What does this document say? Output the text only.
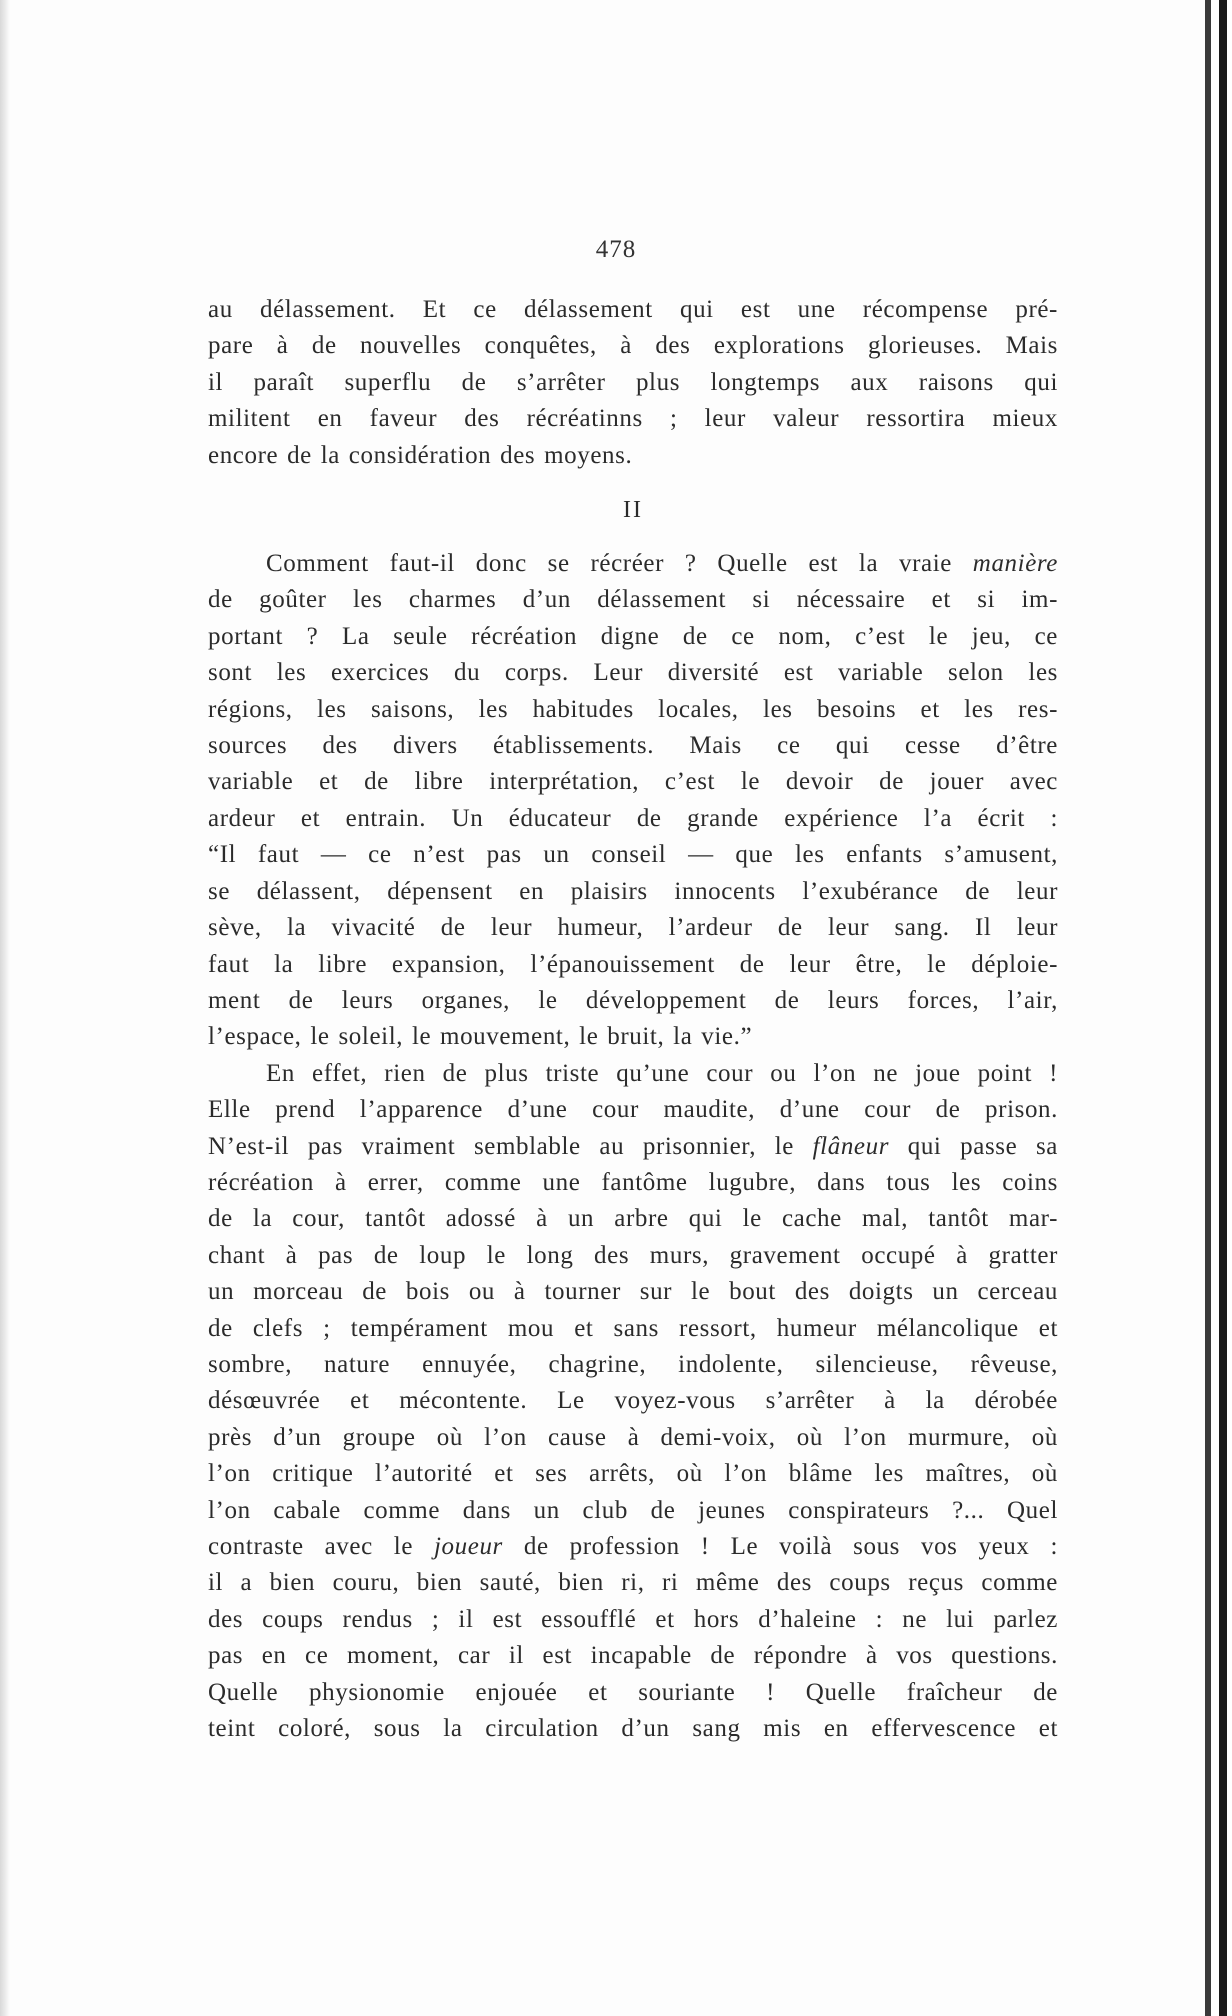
478

au délassement. Et ce délassement qui est une récompense pré-
pare à de nouvelles conquêtes, à des explorations glorieuses. Mais
il paraît superflu de s’arrêter plus longtemps aux raisons qui
militent en faveur des récréatinns ; leur valeur ressortira mieux
encore de la considération des moyens.

II

Comment faut-il donc se récréer ? Quelle est la vraie manière
de goûter les charmes d’un délassement si nécessaire et si im-
portant ? La seule récréation digne de ce nom, c’est le jeu, ce
sont les exercices du corps. Leur diversité est variable selon les
régions, les saisons, les habitudes locales, les besoins et les res-
sources des divers établissements. Mais ce qui cesse d’être
variable et de libre interprétation, c’est le devoir de jouer avec
ardeur et entrain. Un éducateur de grande expérience l’a écrit :
“Il faut — ce n’est pas un conseil — que les enfants s’amusent,
se délassent, dépensent en plaisirs innocents l’exubérance de leur
sève, la vivacité de leur humeur, l’ardeur de leur sang. Il leur
faut la libre expansion, l’épanouissement de leur être, le déploie-
ment de leurs organes, le développement de leurs forces, l’air,
l’espace, le soleil, le mouvement, le bruit, la vie.”

En effet, rien de plus triste qu’une cour ou l’on ne joue point !
Elle prend l’apparence d’une cour maudite, d’une cour de prison.
N’est-il pas vraiment semblable au prisonnier, le flâneur qui passe sa
récréation à errer, comme une fantôme lugubre, dans tous les coins
de la cour, tantôt adossé à un arbre qui le cache mal, tantôt mar-
chant à pas de loup le long des murs, gravement occupé à gratter
un morceau de bois ou à tourner sur le bout des doigts un cerceau
de clefs ; tempérament mou et sans ressort, humeur mélancolique et
sombre, nature ennuyée, chagrine, indolente, silencieuse, rêveuse,
désœuvrée et mécontente. Le voyez-vous s’arrêter à la dérobée
près d’un groupe où l’on cause à demi-voix, où l’on murmure, où
l’on critique l’autorité et ses arrêts, où l’on blâme les maîtres, où
l’on cabale comme dans un club de jeunes conspirateurs ?... Quel
contraste avec le joueur de profession ! Le voilà sous vos yeux :
il a bien couru, bien sauté, bien ri, ri même des coups reçus comme
des coups rendus ; il est essoufflé et hors d’haleine : ne lui parlez
pas en ce moment, car il est incapable de répondre à vos questions.
Quelle physionomie enjouée et souriante ! Quelle fraîcheur de
teint coloré, sous la circulation d’un sang mis en effervescence et
